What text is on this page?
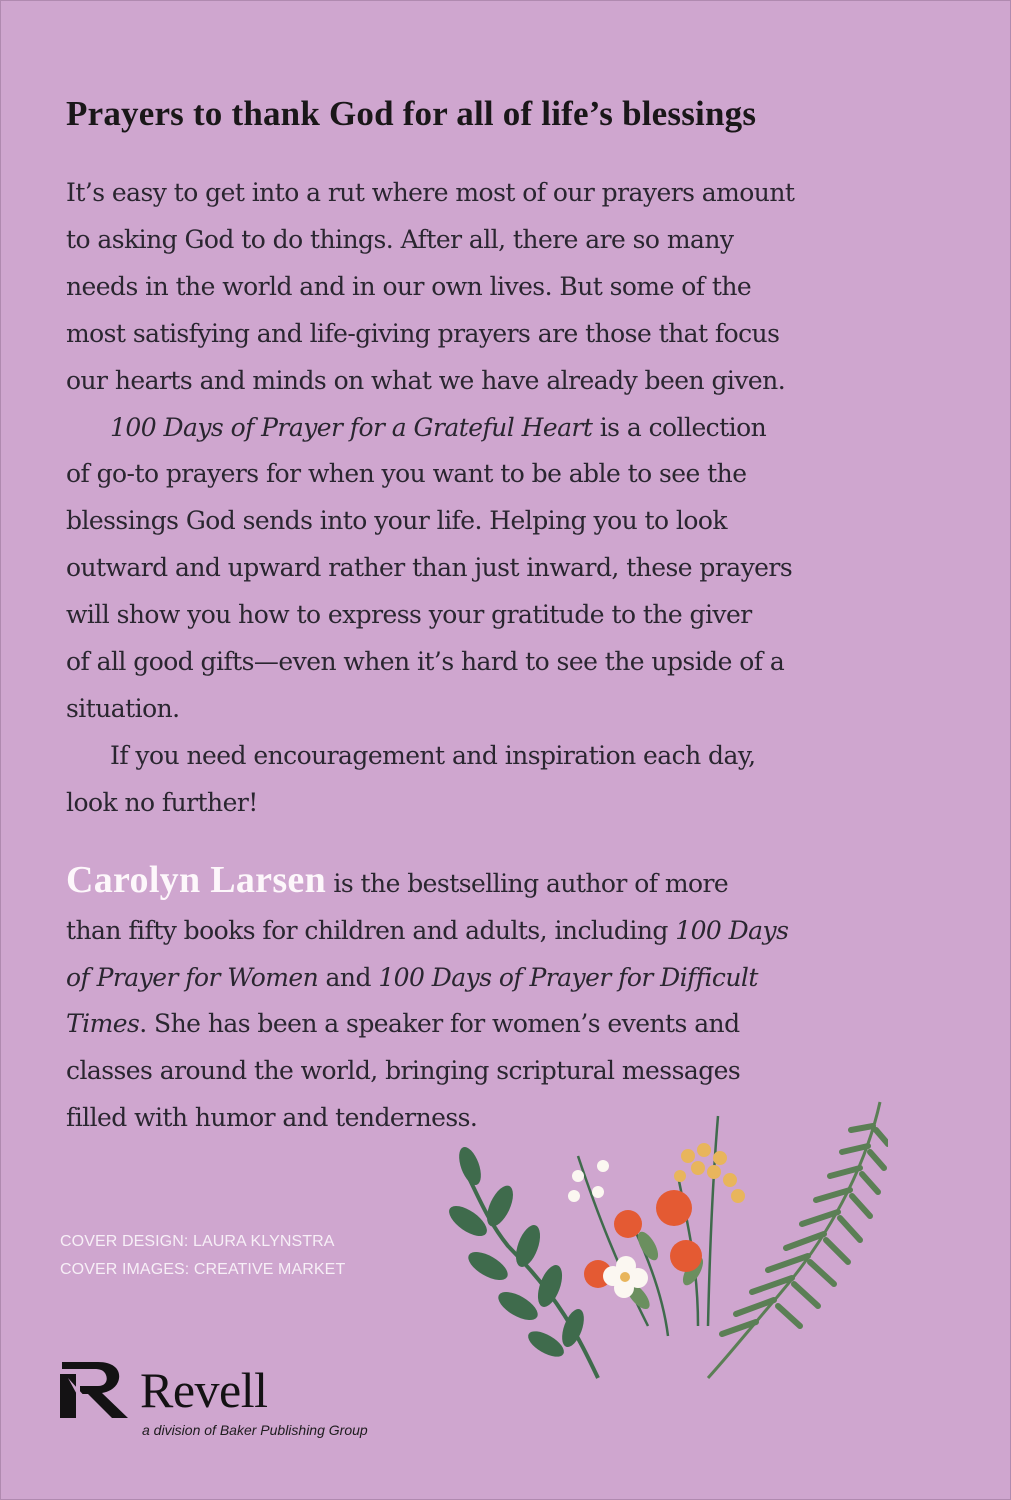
Prayers to thank God for all of life’s blessings
It’s easy to get into a rut where most of our prayers amount
to asking God to do things. After all, there are so many
needs in the world and in our own lives. But some of the
most satisfying and life-giving prayers are those that focus
our hearts and minds on what we have already been given.
100 Days of Prayer for a Grateful Heart is a collection
of go-to prayers for when you want to be able to see the
blessings God sends into your life. Helping you to look
outward and upward rather than just inward, these prayers
will show you how to express your gratitude to the giver
of all good gifts—even when it’s hard to see the upside of a
situation.
If you need encouragement and inspiration each day,
look no further!
Carolyn Larsen is the bestselling author of more
than fifty books for children and adults, including 100 Days
of Prayer for Women and 100 Days of Prayer for Difficult
Times. She has been a speaker for women’s events and
classes around the world, bringing scriptural messages
filled with humor and tenderness.
COVER DESIGN: LAURA KLYNSTRA
COVER IMAGES: CREATIVE MARKET
Revell
a division of Baker Publishing Group
